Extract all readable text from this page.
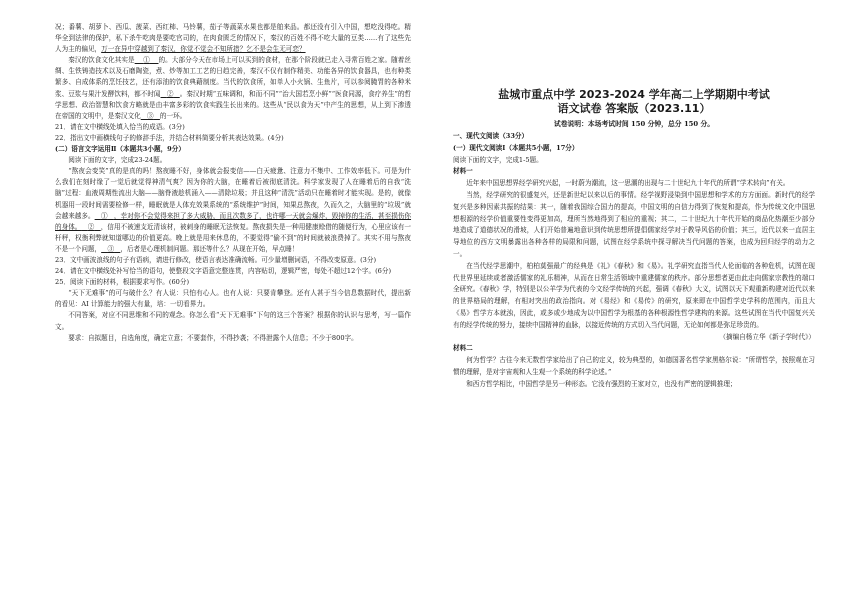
况；番薯、胡萝卜、西瓜、菠菜、西红柿、马铃薯，茄子等蔬菜水果也都是舶来品。都还没有引入中国，想吃没得吃。精华全到法律的保护，私下杀牛吃肉是要吃官司的，在肉食匮乏的情况下，秦汉的百姓不得不吃大量的豆类……有了这些先人为主的偏见，万一在异中穿越到了秦汉，你觉不觉会不知所措？乞不是会生无可恋？

秦汉的饮食文化其实是 ① 的。大部分今天在市场上可以买到的食材，在那个阶段就已走入寻常百姓之家。随着丝绸、生铁铸造技术以及石磨陶瓷，煮、炒等加工工艺的日趋完善，秦汉不仅有制作精美、功能各异的饮食器具，也有种类繁多、自成体系的烹饪技艺，还有添油的饮食典藉制度。当代的饮食所，如单人小火锅、生鱼片，可以参阅腌胃的各种米浆、豆浆与果汁发酵饮料，都不时闻 ② 。秦汉时期“五味调和，和而不同”“治大国若烹小鲜”“医食同源，食疗养生”的哲学思想、政治智慧和饮食方略就是由丰富多彩的饮食实践生长出来的。这些从“民以食为天”中产生的思想，从上到下渗透在帝国的文明中，是秦汉文化 ③ 的一环。

21．请在文中横线处填入恰当的成语。(3分)

22．指出文中画横线句子的修辞手法，并结合材料简要分析其表达效果。(4分)

(二）语言文字运用Ⅱ（本题共3小题，9分）

阅读下面的文字，完成23-24题。

“熬夜会变笑”真的是真的吗！熬夜睡不好，身体就会报变信——白天疲惫、注意力不集中、工作效率低下。可是为什么我们在刻时缘了一觉后就觉得神清气爽？因为你的大脑，在睡着后被彻底清洗。科学家发现了人在睡着后的自我“洗脑”过程：血液周期性流出大脑——脑脊液趁机涌入——清除垃圾；并且这种“清洗”活动只在睡着时才能实现。是的，就像机器用一段时间需要检修一样，睡眠就是人体充效果系统的“系统维护”时间，知果总熬夜，久而久之，大脑里的“垃圾”就会越来越多。 ① ，幸对你不会觉得来担了多大威胁，而且次数多了，也许哪一天就会爆炸，毁掉你的生活，甚至损伤你的身体。 ② ，信用不被速支近清该材，被刺身的睡眠无法恢复。熬夜损失是一种用健康赊借的随便行为，心里应该有一杆秤，权衡利弊就知道哪边的价值更高。晚上就是用来休息的，不要觉得“偷不到”的时间就被浪费掉了。其实不用与熬夜不是一个问题， ③ ，后者是心理机制问题。那还等什么？从现在开始，早点睡！

23．文中画波浪线的句子有语病，请进行修改，使语言表达准确流畅。可少量增删词语，不得改变原意。(3分)

24．请在文中横线处补写恰当的语句，使整段文字语意完整连贯，内容贴切，逻辑严密，每处不超过12个字。(6分)

25．阅读下面的材料，根据要求写作。(60分)

“天下无难事”的可与破什么？有人说：只怕有心人。也有人说：只要肯攀登。还有人甚于当今信息数据时代，提出新的看见：AI 计算能力的强大有量，培：一切看界力。

不同答案，对应不同思维和不同的观念。你怎么看“天下无难事”下句的这三个答案？根据你的认识与思考，写一篇作文。

要求：自拟题目，自选角度，确定立意；不要套作，不得抄袭；不得泄露个人信息；不少于800字。

盐城市重点中学 2023-2024 学年高二上学期期中考试
语文试卷 答案版（2023.11）
试卷说明：本场考试时间 150 分钟，总分 150 分。

一、现代文阅读（33分）

(一）现代文阅读Ⅰ（本题共5小题，17分）

阅读下面的文字，完成1-5题。

材料一

近年来中国思想界经学研究兴起，一时蔚为潮流，这一思潮的出现与二十世纪九十年代的所谓“学术转向”有关。

当然，经学研究的很盛复兴，还是新世纪以来以后的事情。经学视野浸染到中国思想和学术的方方面面。新时代的经学复兴是多种因素共振的结果：其一，随着我国综合国力的提高，中国文明的自信力得到了恢复和提高，作为传统文化中国思想根源的经学价值重要性变得更加高，理所当然地得到了相应的重视；其二，二十世纪九十年代开始的商品化热潮至少部分地造成了道德状况的滑坡，人们开始普遍地意识到传统思想所提倡儒家经学对于教导风俗的价值；其三，近代以来一直居主导地位的西方文明暴露出各种各样的局限和问题，试图在经学系统中探寻解决当代问题的答案，也成为回归经学的动力之一。

在当代经学思潮中，柏柏莫强最广的经典是《礼》《春秋》和《易》。礼学研究直指当代人伦面临的各种危机，试图在现代世界里延续或者激活儒家的礼乐精神，从而在日常生活领域中重建儒家的秩序。部分思想者更由此走向儒家宗教性的端口全研究。《春秋》学，特别是以公羊学为代表的今文经学传统的兴起，强调《春秋》大义，试图以天下观重新构建对近代以来的世界格局的理解，有相对突出的政治指向。对《易经》和《易传》的研究，原来即在中国哲学史学科的范围内，而且大《易》哲学方本就浊，因此，或多或少地成为以中国哲学为根基的各种根源性哲学建构的来源。这些试图在当代中国复兴关有的经学传统的努力，接续中国精神的血脉，以接近传统的方式切入当代问题，无论如何都是弥足珍贵的。

（摘编自杨立华《新子学时代》）

材料二

何为哲学？古往今来无数哲学家给出了自己的定义，较为典型的，如德国著名哲学家黑格尔说：“所谓哲学，按照观在习惯的理解，是对宇宙观和人生观一个系统的科学论述。”

和西方哲学相比，中国哲学是另一种形态。它没有强烈的王家对立，也没有严密的逻辑推理；
